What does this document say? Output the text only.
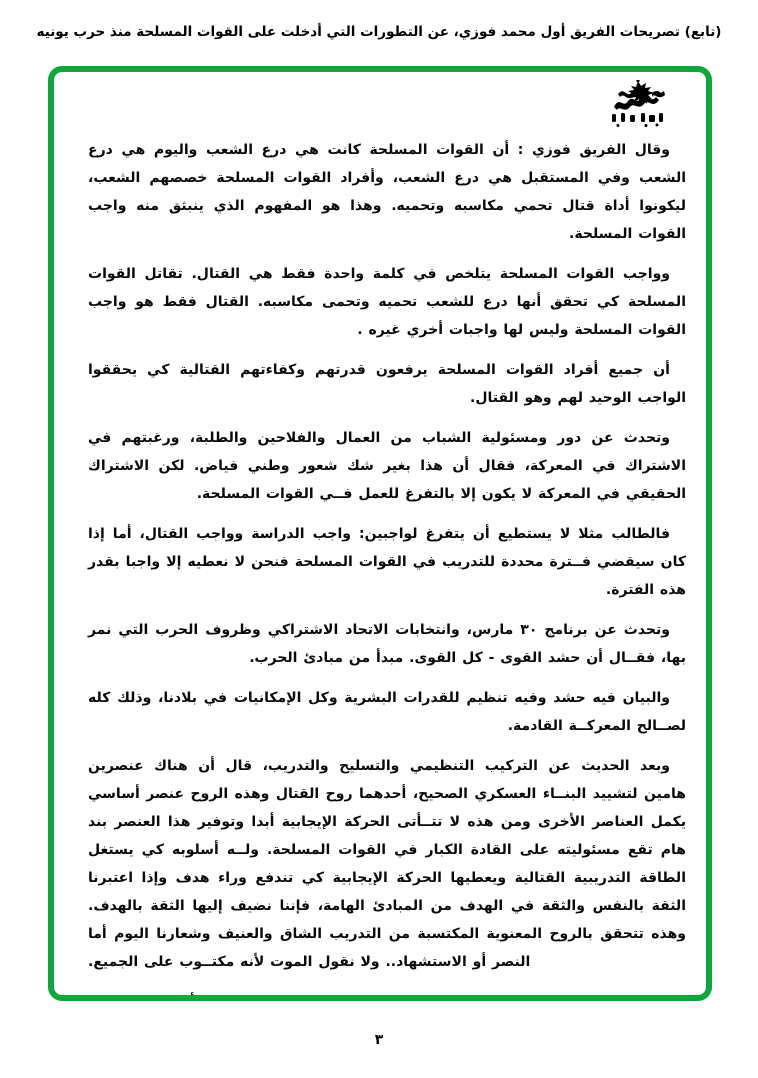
(تابع) تصريحات الفريق أول محمد فوزي، عن التطورات التي أدخلت على القوات المسلحة منذ حرب يونيه

وقال الفريق فوزي : أن القوات المسلحة كانت هي درع الشعب واليوم هي درع الشعب وفي المستقبل هي درع الشعب، وأفراد القوات المسلحة خصصهم الشعب، ليكونوا أداة قتال تحمي مكاسبه وتحميه. وهذا هو المفهوم الذي ينبثق منه واجب القوات المسلحة.

وواجب القوات المسلحة يتلخص في كلمة واحدة فقط هي القتال. تقاتل القوات المسلحة كي تحقق أنها درع للشعب تحميه وتحمى مكاسبه. القتال فقط هو واجب القوات المسلحة وليس لها واجبات أخري غيره .

أن جميع أفراد القوات المسلحة يرفعون قدرتهم وكفاءتهم القتالية كي يحققوا الواجب الوحيد لهم وهو القتال.

وتحدث عن دور ومسئولية الشباب من العمال والفلاحين والطلبة، ورغبتهم في الاشتراك في المعركة، فقال أن هذا بغير شك شعور وطني فياض. لكن الاشتراك الحقيقي في المعركة لا يكون إلا بالتفرغ للعمل فــي القوات المسلحة.

فالطالب مثلا لا يستطيع أن يتفرغ لواجبين: واجب الدراسة وواجب القتال، أما إذا كان سيقضي فــترة محددة للتدريب في القوات المسلحة فنحن لا نعطيه إلا واجبا بقدر هذه الفترة.

وتحدث عن برنامج ٣٠ مارس، وانتخابات الاتحاد الاشتراكي وظروف الحرب التي نمر بها، فقــال أن حشد القوى - كل القوى. مبدأ من مبادئ الحرب.

والبيان فيه حشد وفيه تنظيم للقدرات البشرية وكل الإمكانيات في بلادنا، وذلك كله لصــالح المعركــة القادمة.

وبعد الحديث عن التركيب التنظيمي والتسليح والتدريب، قال أن هناك عنصرين هامين لتشييد البنــاء العسكري الصحيح، أحدهما روح القتال وهذه الروح عنصر أساسي يكمل العناصر الأخرى ومن هذه لا تتــأتى الحركة الإيجابية أبدا وتوفير هذا العنصر بند هام تقع مسئوليته على القادة الكبار في القوات المسلحة. ولــه أسلوبه كي يستغل الطاقة التدريبية القتالية ويعطيها الحركة الإيجابية كي تندفع وراء هدف وإذا اعتبرنا الثقة بالنفس والثقة في الهدف من المبادئ الهامة، فإننا نضيف إليها الثقة بالهدف. وهذه تتحقق بالروح المعنوية المكتسبة من التدريب الشاق والعنيف وشعارنا اليوم أما النصر أو الاستشهاد.. ولا نقول الموت لأنه مكتــوب على الجميع.

٣
